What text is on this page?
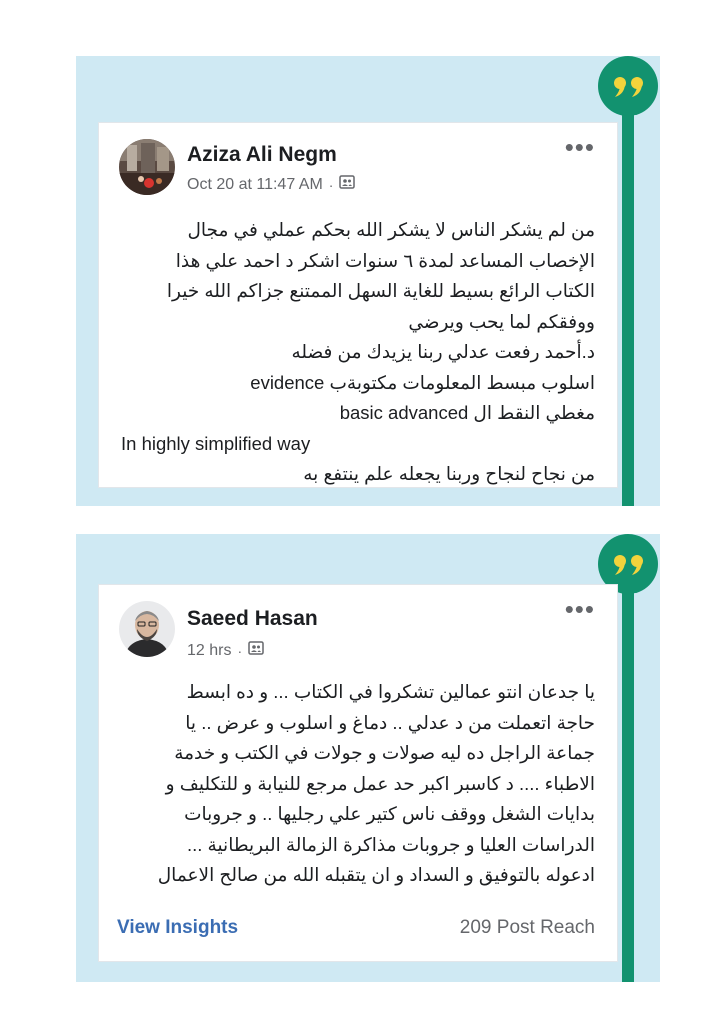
Aziza Ali Negm
Oct 20 at 11:47 AM ·
•••
من لم يشكر الناس لا يشكر الله بحكم عملي في مجال
الإخصاب المساعد لمدة ٦ سنوات اشكر د احمد علي هذا
الكتاب الرائع بسيط للغاية السهل الممتنع جزاكم الله خيرا
ووفقكم لما يحب ويرضي
د.أحمد رفعت عدلي ربنا يزيدك من فضله
اسلوب مبسط المعلومات مكتوبةب evidence
مغطي النقط ال basic advanced
In highly simplified way
من نجاح لنجاح وربنا يجعله علم ينتفع به
Saeed Hasan
12 hrs ·
•••
يا جدعان انتو عمالين تشكروا في الكتاب ... و ده ابسط
حاجة اتعملت من د عدلي .. دماغ و اسلوب و عرض .. يا
جماعة الراجل ده ليه صولات و جولات في الكتب و خدمة
الاطباء .... د كاسبر اكبر حد عمل مرجع للنيابة و للتكليف و
بدايات الشغل ووقف ناس كتير علي رجليها .. و جروبات
الدراسات العليا و جروبات مذاكرة الزمالة البريطانية ...
ادعوله بالتوفيق و السداد و ان يتقبله الله من صالح الاعمال
View Insights	209 Post Reach
